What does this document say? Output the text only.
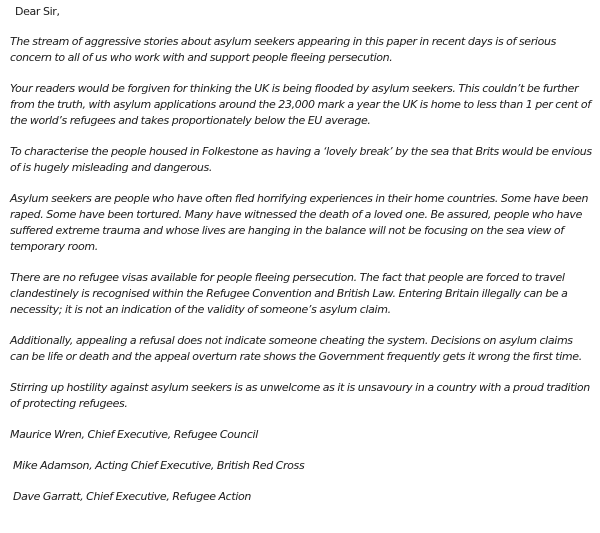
Dear Sir,

The stream of aggressive stories about asylum seekers appearing in this paper in recent days is of serious concern to all of us who work with and support people fleeing persecution.

Your readers would be forgiven for thinking the UK is being flooded by asylum seekers. This couldn’t be further from the truth, with asylum applications around the 23,000 mark a year the UK is home to less than 1 per cent of the world’s refugees and takes proportionately below the EU average.

To characterise the people housed in Folkestone as having a ‘lovely break’ by the sea that Brits would be envious of is hugely misleading and dangerous.

Asylum seekers are people who have often fled horrifying experiences in their home countries. Some have been raped. Some have been tortured. Many have witnessed the death of a loved one. Be assured, people who have suffered extreme trauma and whose lives are hanging in the balance will not be focusing on the sea view of temporary room.

There are no refugee visas available for people fleeing persecution. The fact that people are forced to travel clandestinely is recognised within the Refugee Convention and British Law. Entering Britain illegally can be a necessity; it is not an indication of the validity of someone’s asylum claim.

Additionally, appealing a refusal does not indicate someone cheating the system. Decisions on asylum claims can be life or death and the appeal overturn rate shows the Government frequently gets it wrong the first time.

Stirring up hostility against asylum seekers is as unwelcome as it is unsavoury in a country with a proud tradition of protecting refugees.

Maurice Wren, Chief Executive, Refugee Council

Mike Adamson, Acting Chief Executive, British Red Cross

Dave Garratt, Chief Executive, Refugee Action
